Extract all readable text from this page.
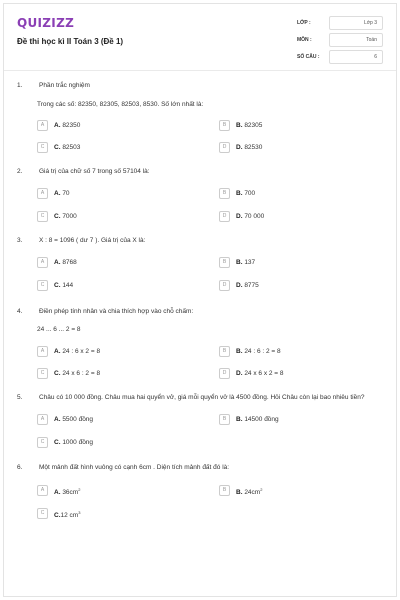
QUIZIZZ
Đề thi học kì II Toán 3 (Đề 1)
LỚP :	Lớp 3
MÔN :	Toán
SỐ CÂU :	6
1.	Phần trắc nghiệm
Trong các số: 82350, 82305, 82503, 8530. Số lớn nhất là:
A	A. 82350	B	B. 82305
C	C. 82503	D	D. 82530
2.	Giá trị của chữ số 7 trong số 57104 là:
A	A. 70	B	B. 700
C	C. 7000	D	D. 70 000
3.	X : 8 = 1096 ( dư 7 ). Giá trị của X là:
A	A. 8768	B	B. 137
C	C. 144	D	D. 8775
4.	Điền phép tính nhân và chia thích hợp vào chỗ chấm:
24 ... 6 ... 2 = 8
A	A. 24 : 6 x 2 = 8	B	B. 24 : 6 : 2 = 8
C	C. 24 x 6 : 2 = 8	D	D. 24 x 6 x 2 = 8
5.	Châu có 10 000 đồng. Châu mua hai quyển vở, giá mỗi quyển vở là 4500 đồng. Hỏi Châu còn lại bao nhiêu tiền?
A	A. 5500 đồng	B	B. 14500 đồng
C	C. 1000 đồng
6.	Một mảnh đất hình vuông có cạnh 6cm . Diện tích mảnh đất đó là:
A	A. $36cm^2$	B	B. $24cm^2$
C	C.12 $cm^3$
